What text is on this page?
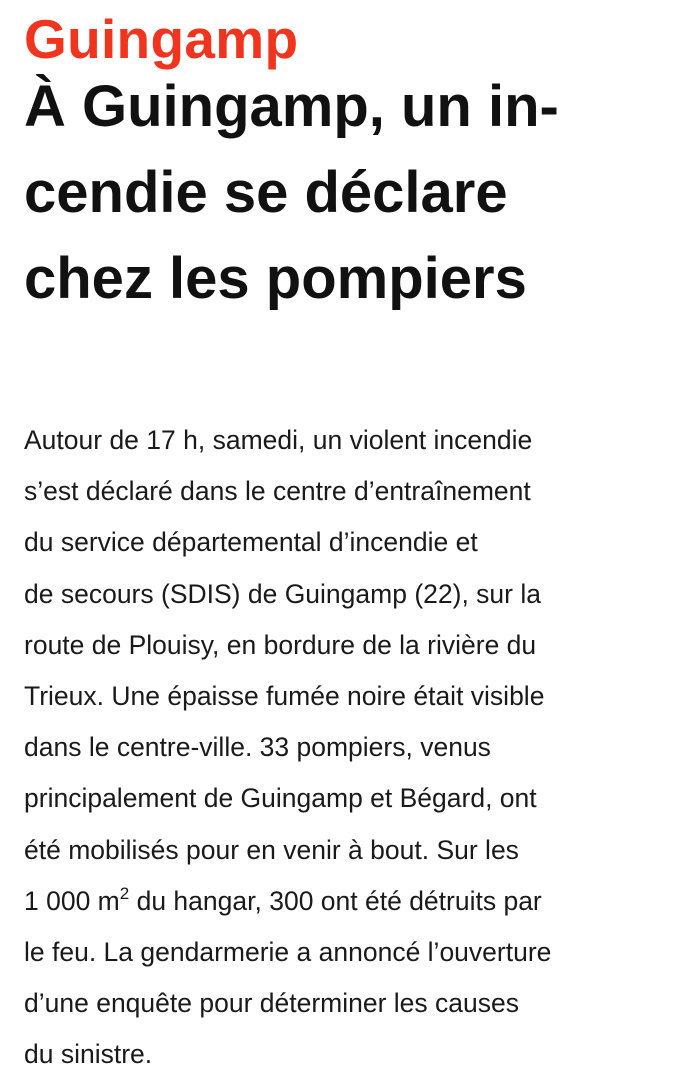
Guingamp
À Guingamp, un in-
cendie se déclare
chez les pompiers

Autour de 17 h, samedi, un violent incendie
s’est déclaré dans le centre d’entraînement
du service départemental d’incendie et
de secours (SDIS) de Guingamp (22), sur la
route de Plouisy, en bordure de la rivière du
Trieux. Une épaisse fumée noire était visible
dans le centre-ville. 33 pompiers, venus
principalement de Guingamp et Bégard, ont
été mobilisés pour en venir à bout. Sur les
1 000 $m^2$ du hangar, 300 ont été détruits par
le feu. La gendarmerie a annoncé l’ouverture
d’une enquête pour déterminer les causes
du sinistre.
